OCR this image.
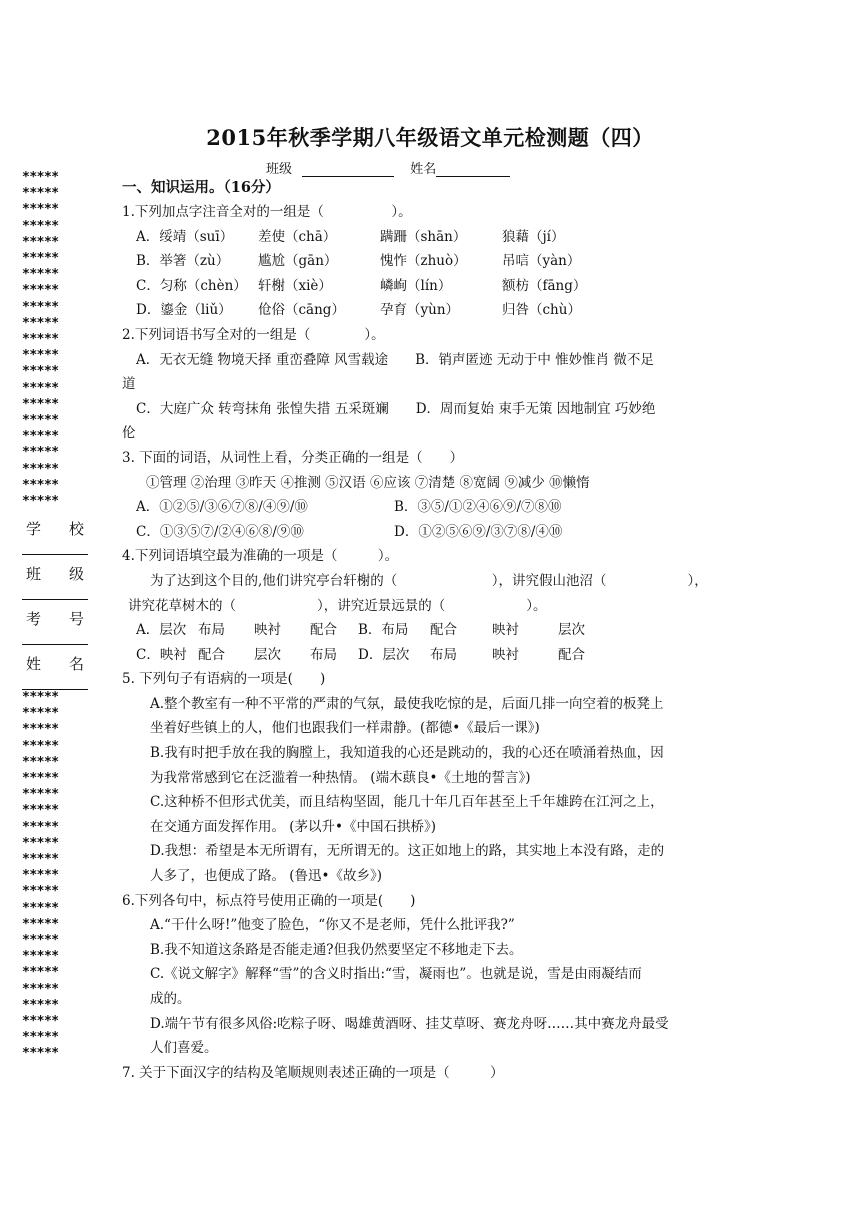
2015年秋季学期八年级语文单元检测题（四）
班级	姓名
*****
*****
*****
*****
*****
*****
*****
*****
*****
*****
*****
*****
*****
*****
*****
*****
*****
*****
*****
*****
*****
*****
*****
*****
*****
*****
*****
*****
*****
*****
*****
*****
*****
*****
*****
*****
*****
*****
*****
*****
*****
*****
*****
*****
学 校
班 级
考 号
姓 名
一、知识运用。（16分）
1.下列加点字注音全对的一组是（　　　　　）。
A．绥靖（suī）	差使（chā）	蹒跚（shān）	狼藉（jí）
B．举箸（zù）	尴尬（gān）	愧怍（zhuò）	吊唁（yàn）
C．匀称（chèn） 轩榭（xiè）	嶙峋（lín）	额枋（fāng）
D．鎏金（liǔ）	伧俗（cāng）	孕育（yùn）	归咎（chù）
2.下列词语书写全对的一组是（　　　　）。
A．无衣无缝 物境天择 重峦叠障 风雪载途　　B．销声匿迹 无动于中 惟妙惟肖 微不足
道
C．大庭广众 转弯抹角 张惶失措 五采斑斓　　D．周而复始 束手无策 因地制宜 巧妙绝
伦
3. 下面的词语，从词性上看，分类正确的一组是（　　）
①管理 ②治理 ③昨天 ④推测 ⑤汉语 ⑥应该 ⑦清楚 ⑧宽阔 ⑨减少 ⑩懒惰
A．①②⑤/③⑥⑦⑧/④⑨/⑩	B．③⑤/①②④⑥⑨/⑦⑧⑩
C．①③⑤⑦/②④⑥⑧/⑨⑩	D．①②⑤⑥⑨/③⑦⑧/④⑩
4.下列词语填空最为准确的一项是（　　　）。
为了达到这个目的,他们讲究亭台轩榭的（　　　　　　　），讲究假山池沼（　　　　　　），
讲究花草树木的（　　　　　　），讲究近景远景的（　　　　　　）。
A．层次 布局	映衬	配合	B．布局	配合	映衬	层次
C．映衬 配合	层次	布局	D．层次	布局	映衬	配合
5. 下列句子有语病的一项是(　　)
A.整个教室有一种不平常的严肃的气氛，最使我吃惊的是，后面几排一向空着的板凳上
坐着好些镇上的人，他们也跟我们一样肃静。(都德•《最后一课》)
B.我有时把手放在我的胸膛上，我知道我的心还是跳动的，我的心还在喷涌着热血，因
为我常常感到它在泛滥着一种热情。 (端木蕻良•《土地的誓言》)
C.这种桥不但形式优美，而且结构坚固，能几十年几百年甚至上千年雄跨在江河之上，
在交通方面发挥作用。 (茅以升•《中国石拱桥》)
D.我想：希望是本无所谓有，无所谓无的。这正如地上的路，其实地上本没有路，走的
人多了，也便成了路。 (鲁迅•《故乡》)
6.下列各句中，标点符号使用正确的一项是(　　)
A.“干什么呀!”他变了脸色，“你又不是老师，凭什么批评我?”
B.我不知道这条路是否能走通?但我仍然要坚定不移地走下去。
C.《说文解字》解释“雪”的含义时指出:“雪，凝雨也”。也就是说，雪是由雨凝结而
成的。
D.端午节有很多风俗:吃粽子呀、喝雄黄酒呀、挂艾草呀、赛龙舟呀……其中赛龙舟最受
人们喜爱。
7. 关于下面汉字的结构及笔顺规则表述正确的一项是（　　　）
